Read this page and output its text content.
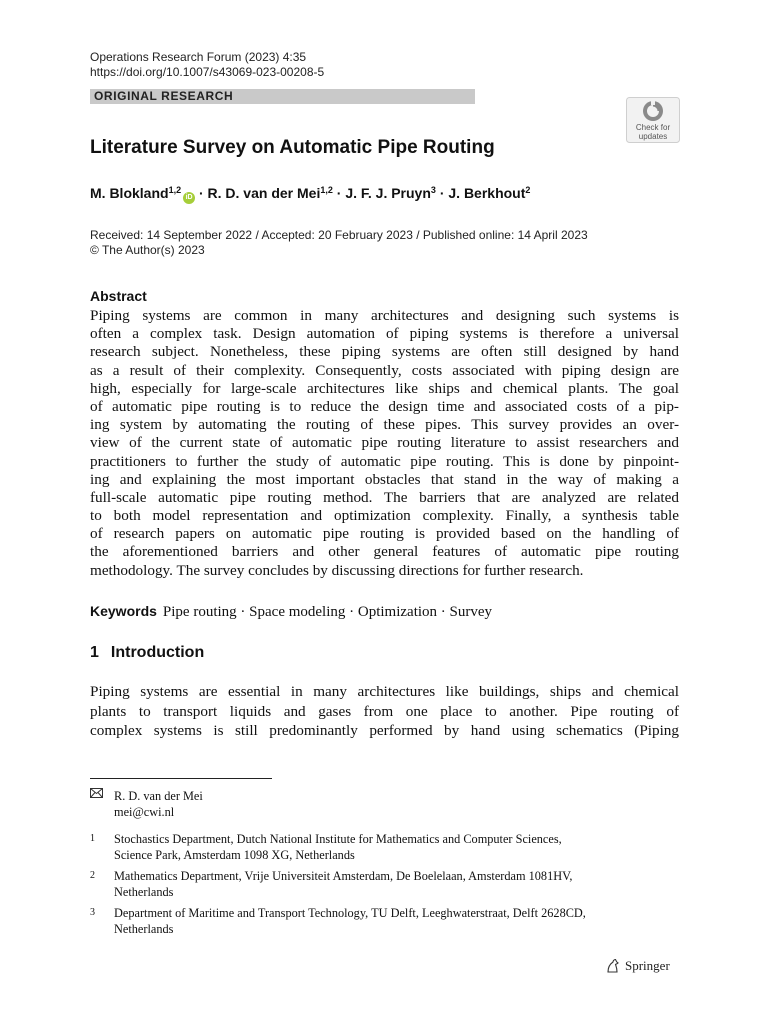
Operations Research Forum (2023) 4:35
https://doi.org/10.1007/s43069-023-00208-5
ORIGINAL RESEARCH
Check for
updates
Literature Survey on Automatic Pipe Routing
M. Blokland$^{1,2}$iD · R. D. van der Mei$^{1,2}$ · J. F. J. Pruyn$^3$ · J. Berkhout$^2$
Received: 14 September 2022 / Accepted: 20 February 2023 / Published online: 14 April 2023
© The Author(s) 2023
Abstract
Piping systems are common in many architectures and designing such systems is
often a complex task. Design automation of piping systems is therefore a universal
research subject. Nonetheless, these piping systems are often still designed by hand
as a result of their complexity. Consequently, costs associated with piping design are
high, especially for large-scale architectures like ships and chemical plants. The goal
of automatic pipe routing is to reduce the design time and associated costs of a pip-
ing system by automating the routing of these pipes. This survey provides an over-
view of the current state of automatic pipe routing literature to assist researchers and
practitioners to further the study of automatic pipe routing. This is done by pinpoint-
ing and explaining the most important obstacles that stand in the way of making a
full-scale automatic pipe routing method. The barriers that are analyzed are related
to both model representation and optimization complexity. Finally, a synthesis table
of research papers on automatic pipe routing is provided based on the handling of
the aforementioned barriers and other general features of automatic pipe routing
methodology. The survey concludes by discussing directions for further research.
Keywords Pipe routing · Space modeling · Optimization · Survey
1 Introduction
Piping systems are essential in many architectures like buildings, ships and chemical
plants to transport liquids and gases from one place to another. Pipe routing of
complex systems is still predominantly performed by hand using schematics (Piping
R. D. van der Mei
mei@cwi.nl
1 Stochastics Department, Dutch National Institute for Mathematics and Computer Sciences,
Science Park, Amsterdam 1098 XG, Netherlands
2 Mathematics Department, Vrije Universiteit Amsterdam, De Boelelaan, Amsterdam 1081HV,
Netherlands
3 Department of Maritime and Transport Technology, TU Delft, Leeghwaterstraat, Delft 2628CD,
Netherlands
Springer
